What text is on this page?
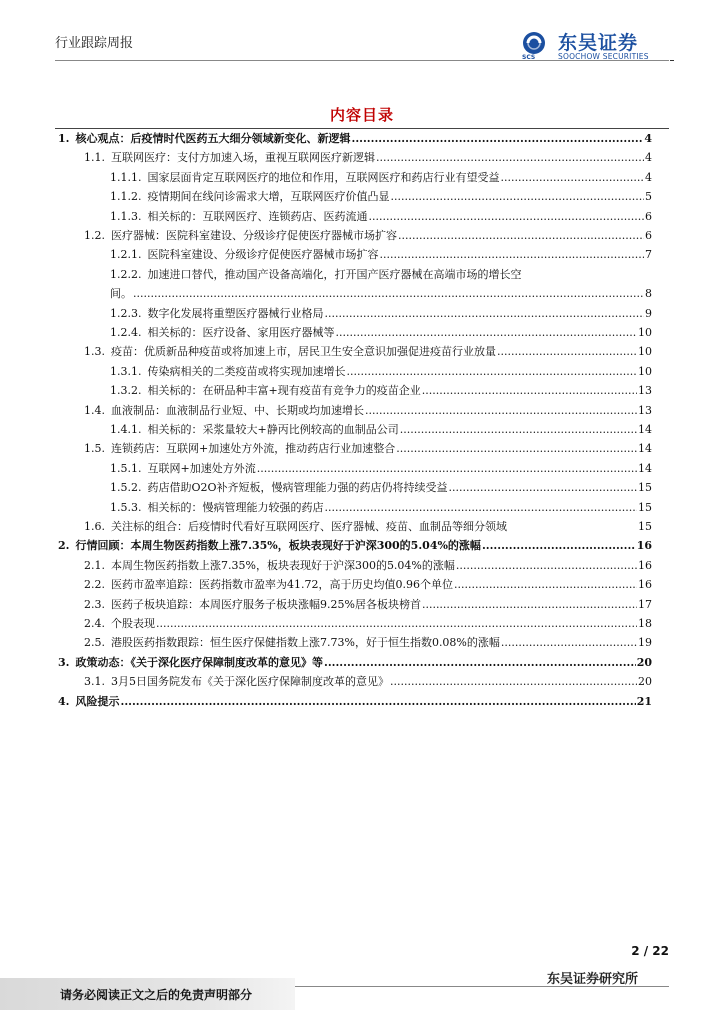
行业跟踪周报
SCS
东吴证券
SOOCHOW SECURITIES
内容目录
1. 核心观点：后疫情时代医药五大细分领域新变化、新逻辑 .....	4
1.1. 互联网医疗：支付方加速入场，重视互联网医疗新逻辑 .....	4
1.1.1. 国家层面肯定互联网医疗的地位和作用，互联网医疗和药店行业有望受益 .....	4
1.1.2. 疫情期间在线问诊需求大增，互联网医疗价值凸显 .....	5
1.1.3. 相关标的：互联网医疗、连锁药店、医药流通 .....	6
1.2. 医疗器械：医院科室建设、分级诊疗促使医疗器械市场扩容 .....	6
1.2.1. 医院科室建设、分级诊疗促使医疗器械市场扩容 .....	7
1.2.2. 加速进口替代，推动国产设备高端化，打开国产医疗器械在高端市场的增长空
间。 .....	8
1.2.3. 数字化发展将重塑医疗器械行业格局 .....	9
1.2.4. 相关标的：医疗设备、家用医疗器械等 .....	10
1.3. 疫苗：优质新品种疫苗或将加速上市，居民卫生安全意识加强促进疫苗行业放量 .....	10
1.3.1. 传染病相关的二类疫苗或将实现加速增长 .....	10
1.3.2. 相关标的：在研品种丰富+现有疫苗有竞争力的疫苗企业 .....	13
1.4. 血液制品：血液制品行业短、中、长期或均加速增长 .....	13
1.4.1. 相关标的：采浆量较大+静丙比例较高的血制品公司 .....	14
1.5. 连锁药店：互联网+加速处方外流，推动药店行业加速整合 .....	14
1.5.1. 互联网+加速处方外流 .....	14
1.5.2. 药店借助O2O补齐短板，慢病管理能力强的药店仍将持续受益 .....	15
1.5.3. 相关标的：慢病管理能力较强的药店 .....	15
1.6. 关注标的组合：后疫情时代看好互联网医疗、医疗器械、疫苗、血制品等细分领域	15
2. 行情回顾：本周生物医药指数上涨7.35%，板块表现好于沪深300的5.04%的涨幅 .....	16
2.1. 本周生物医药指数上涨7.35%，板块表现好于沪深300的5.04%的涨幅 .....	16
2.2. 医药市盈率追踪：医药指数市盈率为41.72，高于历史均值0.96个单位 .....	16
2.3. 医药子板块追踪：本周医疗服务子板块涨幅9.25%居各板块榜首 .....	17
2.4. 个股表现 .....	18
2.5. 港股医药指数跟踪：恒生医疗保健指数上涨7.73%，好于恒生指数0.08%的涨幅 .....	19
3. 政策动态：《关于深化医疗保障制度改革的意见》等 .....	20
3.1. 3月5日国务院发布《关于深化医疗保障制度改革的意见》 .....	20
4. 风险提示 .....	21
2 / 22
东吴证券研究所
请务必阅读正文之后的免责声明部分
